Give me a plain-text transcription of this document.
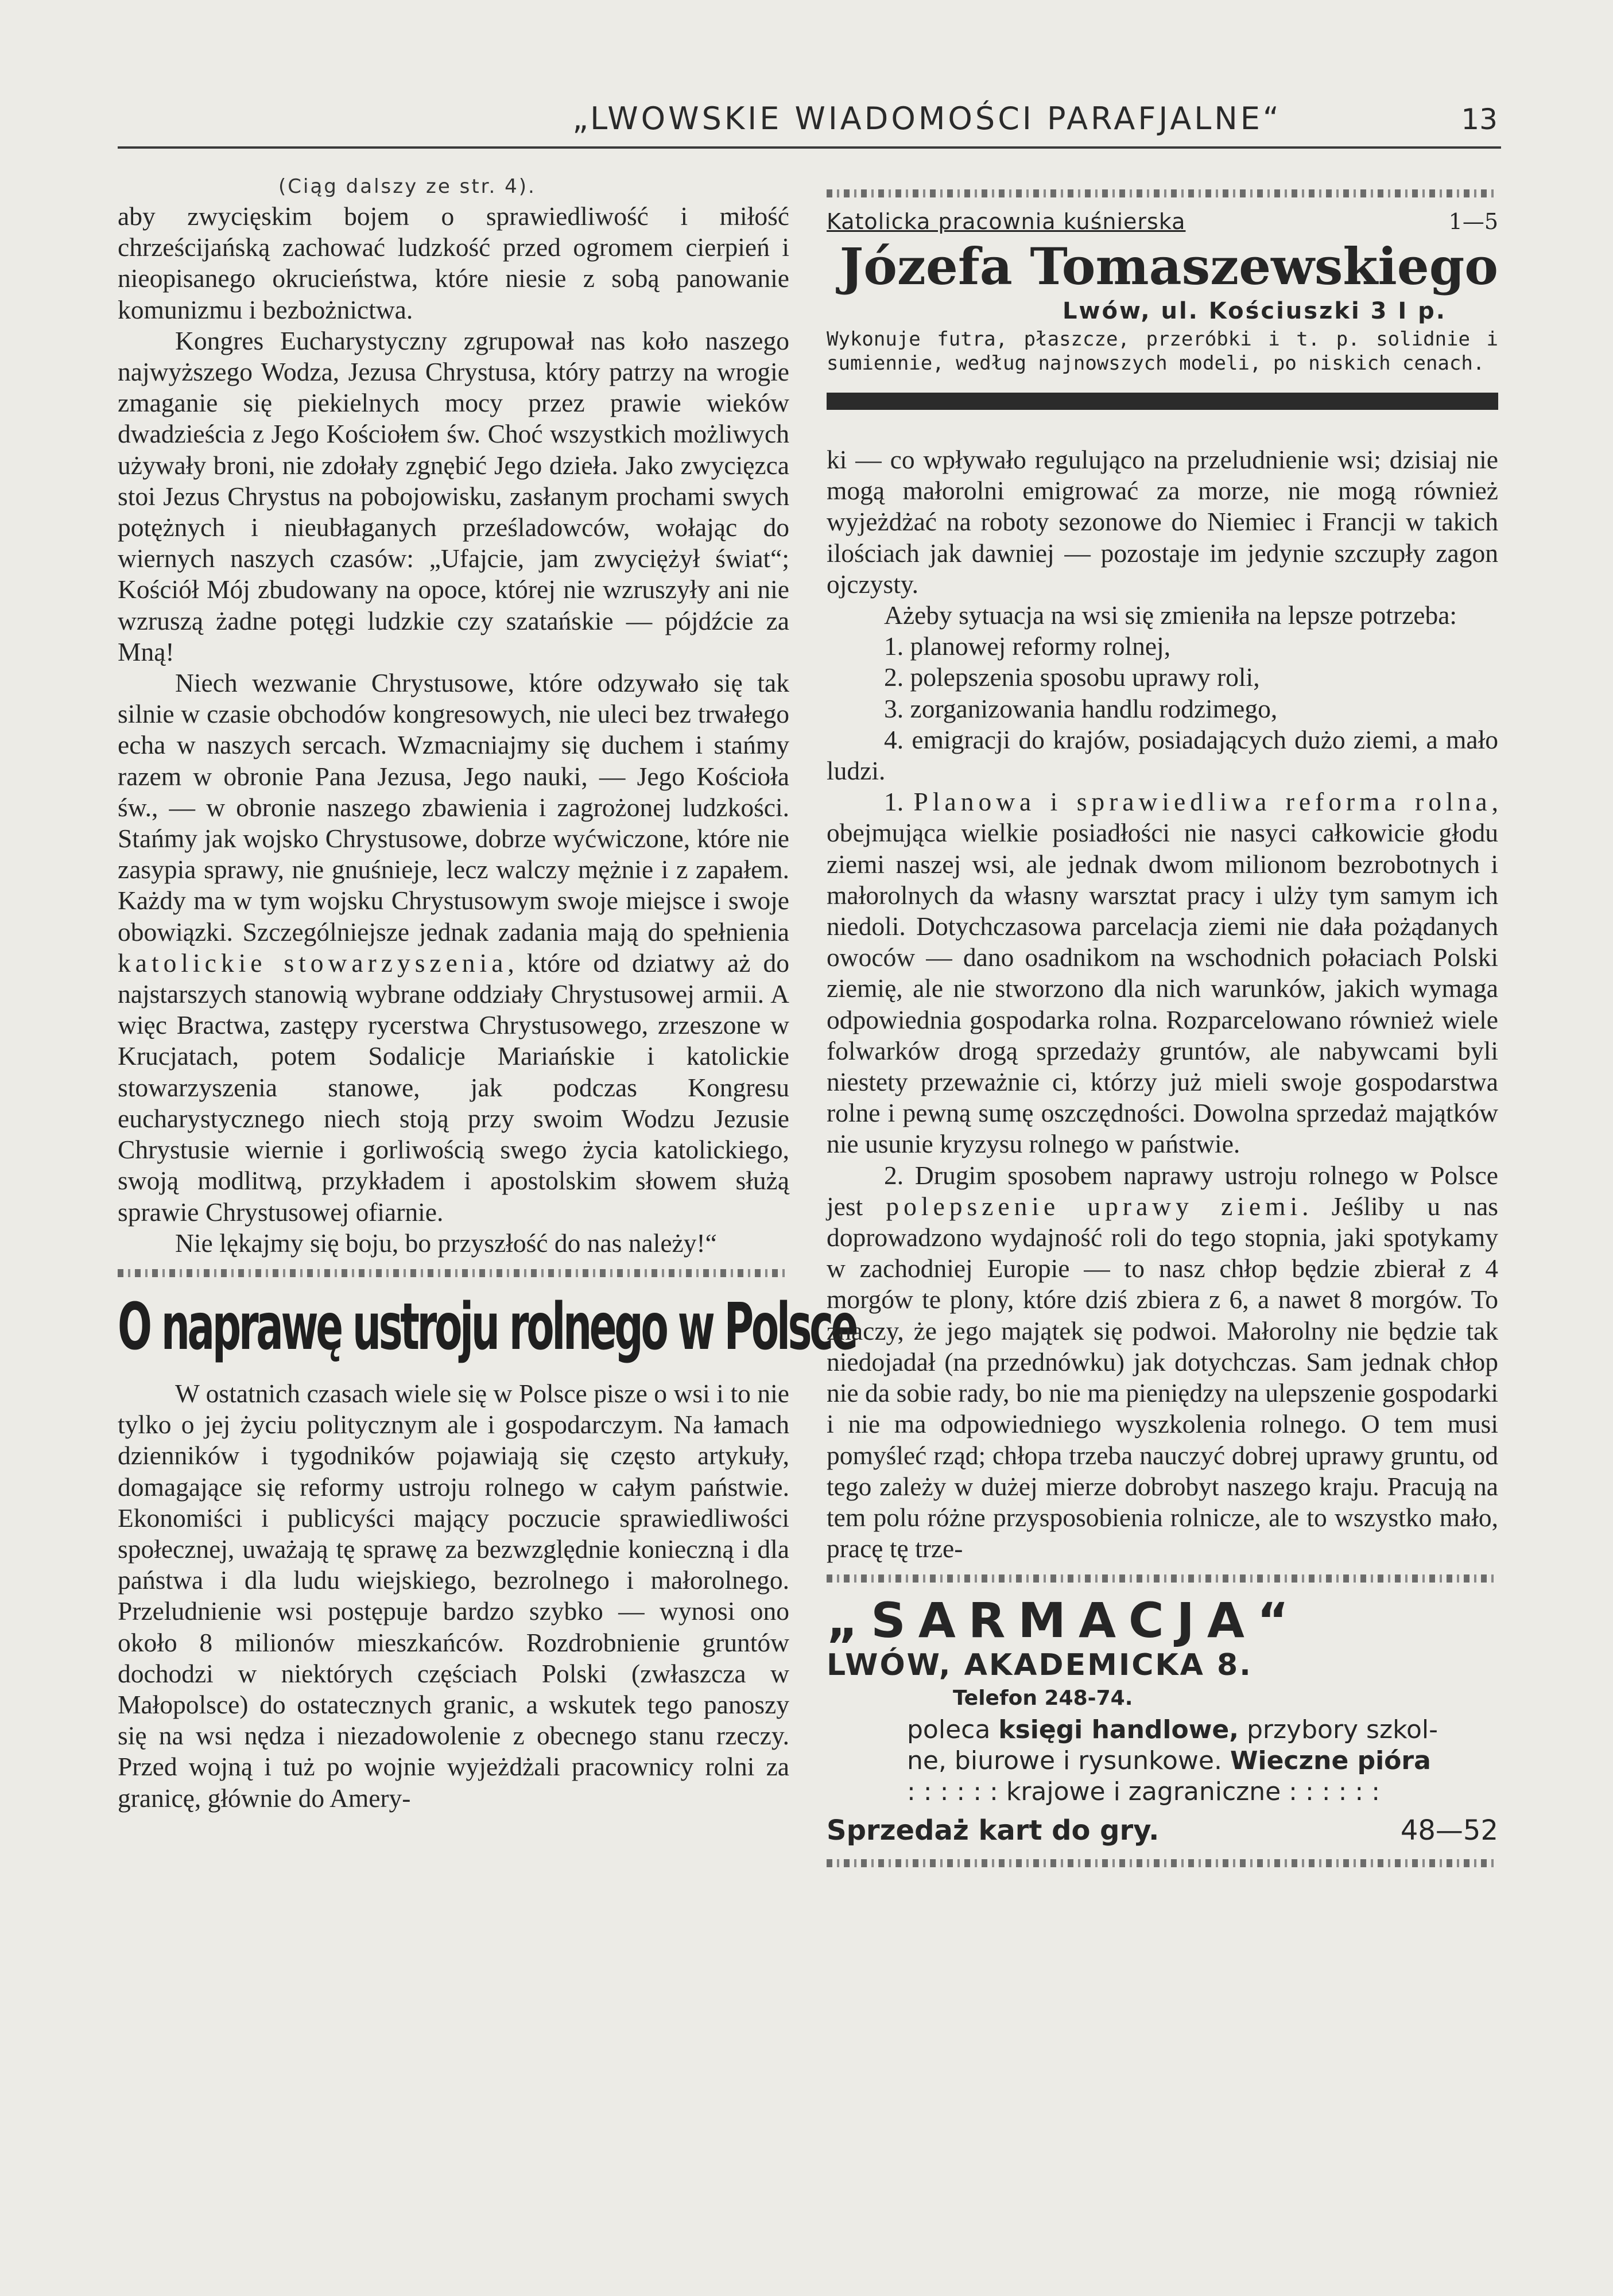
„LWOWSKIE WIADOMOŚCI PARAFJALNE“	13
(Ciąg dalszy ze str. 4).

aby zwycięskim bojem o sprawiedliwość i miłość chrześcijańską zachować ludzkość przed ogromem cierpień i nieopisanego okrucieństwa, które niesie z sobą panowanie komunizmu i bezbożnictwa.

Kongres Eucharystyczny zgrupował nas koło naszego najwyższego Wodza, Jezusa Chrystusa, który patrzy na wrogie zmaganie się piekielnych mocy przez prawie wieków dwadzieścia z Jego Kościołem św. Choć wszystkich możliwych używały broni, nie zdołały zgnębić Jego dzieła. Jako zwycięzca stoi Jezus Chrystus na pobojowisku, zasłanym prochami swych potężnych i nieubłaganych prześladowców, wołając do wiernych naszych czasów: „Ufajcie, jam zwyciężył świat“; Kościół Mój zbudowany na opoce, której nie wzruszyły ani nie wzruszą żadne potęgi ludzkie czy szatańskie — pójdźcie za Mną!

Niech wezwanie Chrystusowe, które odzywało się tak silnie w czasie obchodów kongresowych, nie uleci bez trwałego echa w naszych sercach. Wzmacniajmy się duchem i stańmy razem w obronie Pana Jezusa, Jego nauki, — Jego Kościoła św., — w obronie naszego zbawienia i zagrożonej ludzkości. Stańmy jak wojsko Chrystusowe, dobrze wyćwiczone, które nie zasypia sprawy, nie gnuśnieje, lecz walczy mężnie i z zapałem. Każdy ma w tym wojsku Chrystusowym swoje miejsce i swoje obowiązki. Szczególniejsze jednak zadania mają do spełnienia katolickie stowarzyszenia, które od dziatwy aż do najstarszych stanowią wybrane oddziały Chrystusowej armii. A więc Bractwa, zastępy rycerstwa Chrystusowego, zrzeszone w Krucjatach, potem Sodalicje Mariańskie i katolickie stowarzyszenia stanowe, jak podczas Kongresu eucharystycznego niech stoją przy swoim Wodzu Jezusie Chrystusie wiernie i gorliwością swego życia katolickiego, swoją modlitwą, przykładem i apostolskim słowem służą sprawie Chrystusowej ofiarnie.

Nie lękajmy się boju, bo przyszłość do nas należy!“

O naprawę ustroju rolnego w Polsce

W ostatnich czasach wiele się w Polsce pisze o wsi i to nie tylko o jej życiu politycznym ale i gospodarczym. Na łamach dzienników i tygodników pojawiają się często artykuły, domagające się reformy ustroju rolnego w całym państwie. Ekonomiści i publicyści mający poczucie sprawiedliwości społecznej, uważają tę sprawę za bezwzględnie konieczną i dla państwa i dla ludu wiejskiego, bezrolnego i małorolnego. Przeludnienie wsi postępuje bardzo szybko — wynosi ono około 8 milionów mieszkańców. Rozdrobnienie gruntów dochodzi w niektórych częściach Polski (zwłaszcza w Małopolsce) do ostatecznych granic, a wskutek tego panoszy się na wsi nędza i niezadowolenie z obecnego stanu rzeczy. Przed wojną i tuż po wojnie wyjeżdżali pracownicy rolni za granicę, głównie do Amery-

Katolicka pracownia kuśnierska	1—5
Józefa Tomaszewskiego
Lwów, ul. Kościuszki 3 I p.
Wykonuje futra, płaszcze, przeróbki i t. p. solidnie i sumiennie, według najnowszych modeli, po niskich cenach.

ki — co wpływało regulująco na przeludnienie wsi; dzisiaj nie mogą małorolni emigrować za morze, nie mogą również wyjeżdżać na roboty sezonowe do Niemiec i Francji w takich ilościach jak dawniej — pozostaje im jedynie szczupły zagon ojczysty.

Ażeby sytuacja na wsi się zmieniła na lepsze potrzeba:

1. planowej reformy rolnej,

2. polepszenia sposobu uprawy roli,

3. zorganizowania handlu rodzimego,

4. emigracji do krajów, posiadających dużo ziemi, a mało ludzi.

1. Planowa i sprawiedliwa reforma rolna, obejmująca wielkie posiadłości nie nasyci całkowicie głodu ziemi naszej wsi, ale jednak dwom milionom bezrobotnych i małorolnych da własny warsztat pracy i ulży tym samym ich niedoli. Dotychczasowa parcelacja ziemi nie dała pożądanych owoców — dano osadnikom na wschodnich połaciach Polski ziemię, ale nie stworzono dla nich warunków, jakich wymaga odpowiednia gospodarka rolna. Rozparcelowano również wiele folwarków drogą sprzedaży gruntów, ale nabywcami byli niestety przeważnie ci, którzy już mieli swoje gospodarstwa rolne i pewną sumę oszczędności. Dowolna sprzedaż majątków nie usunie kryzysu rolnego w państwie.

2. Drugim sposobem naprawy ustroju rolnego w Polsce jest polepszenie uprawy ziemi. Jeśliby u nas doprowadzono wydajność roli do tego stopnia, jaki spotykamy w zachodniej Europie — to nasz chłop będzie zbierał z 4 morgów te plony, które dziś zbiera z 6, a nawet 8 morgów. To znaczy, że jego majątek się podwoi. Małorolny nie będzie tak niedojadał (na przednówku) jak dotychczas. Sam jednak chłop nie da sobie rady, bo nie ma pieniędzy na ulepszenie gospodarki i nie ma odpowiedniego wyszkolenia rolnego. O tem musi pomyśleć rząd; chłopa trzeba nauczyć dobrej uprawy gruntu, od tego zależy w dużej mierze dobrobyt naszego kraju. Pracują na tem polu różne przysposobienia rolnicze, ale to wszystko mało, pracę tę trze-

„SARMACJA“
LWÓW, AKADEMICKA 8.
Telefon 248-74.
poleca księgi handlowe, przybory szkol-
ne, biurowe i rysunkowe. Wieczne pióra
: : : : : : krajowe i zagraniczne : : : : : :
Sprzedaż kart do gry.	48—52
